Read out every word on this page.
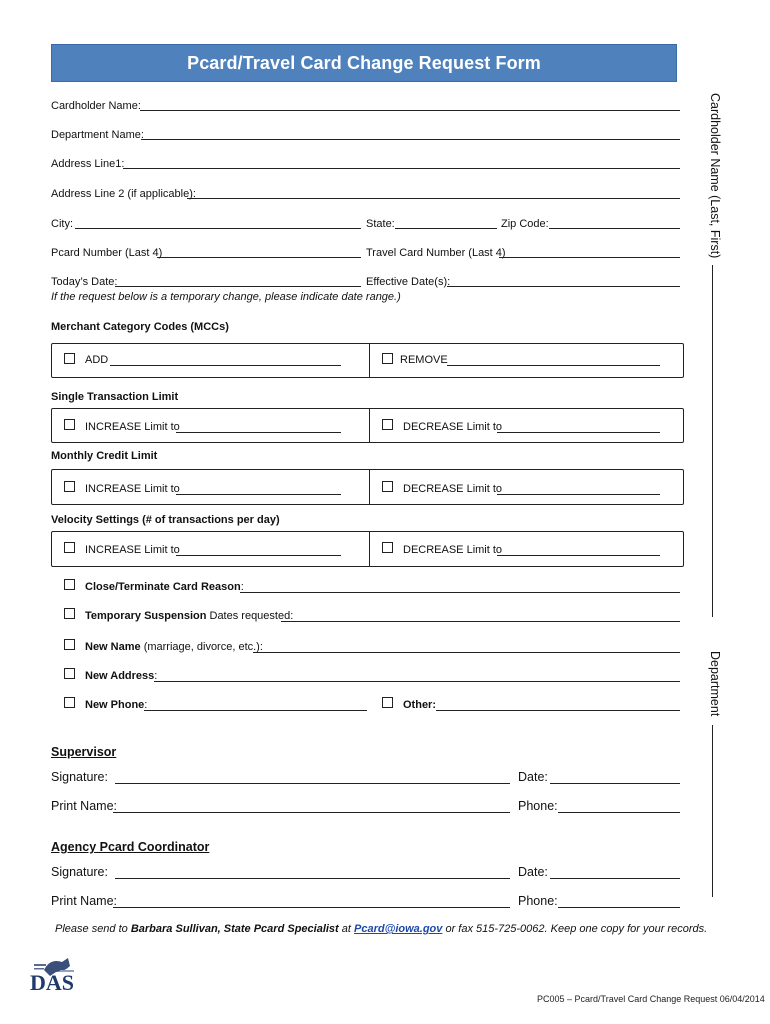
Pcard/Travel Card Change Request Form
Cardholder Name:
Department Name:
Address Line1:
Address Line 2 (if applicable):
City:	State:	Zip Code:
Pcard Number (Last 4)	Travel Card Number (Last 4)
Today’s Date:	Effective Date(s):
If the request below is a temporary change, please indicate date range.)
Merchant Category Codes (MCCs)
ADD	REMOVE
Single Transaction Limit
INCREASE Limit to	DECREASE Limit to
Monthly Credit Limit
INCREASE Limit to	DECREASE Limit to
Velocity Settings (# of transactions per day)
INCREASE Limit to	DECREASE Limit to
Close/Terminate Card Reason:
Temporary Suspension Dates requested:
New Name (marriage, divorce, etc.):
New Address:
New Phone:	Other:
Supervisor
Signature:	Date:
Print Name:	Phone:
Agency Pcard Coordinator
Signature:	Date:
Print Name:	Phone:
Please send to Barbara Sullivan, State Pcard Specialist at Pcard@iowa.gov or fax 515-725-0062. Keep one copy for your records.
DAS
PC005 – Pcard/Travel Card Change Request 06/04/2014
Cardholder Name (Last, First)
Department
